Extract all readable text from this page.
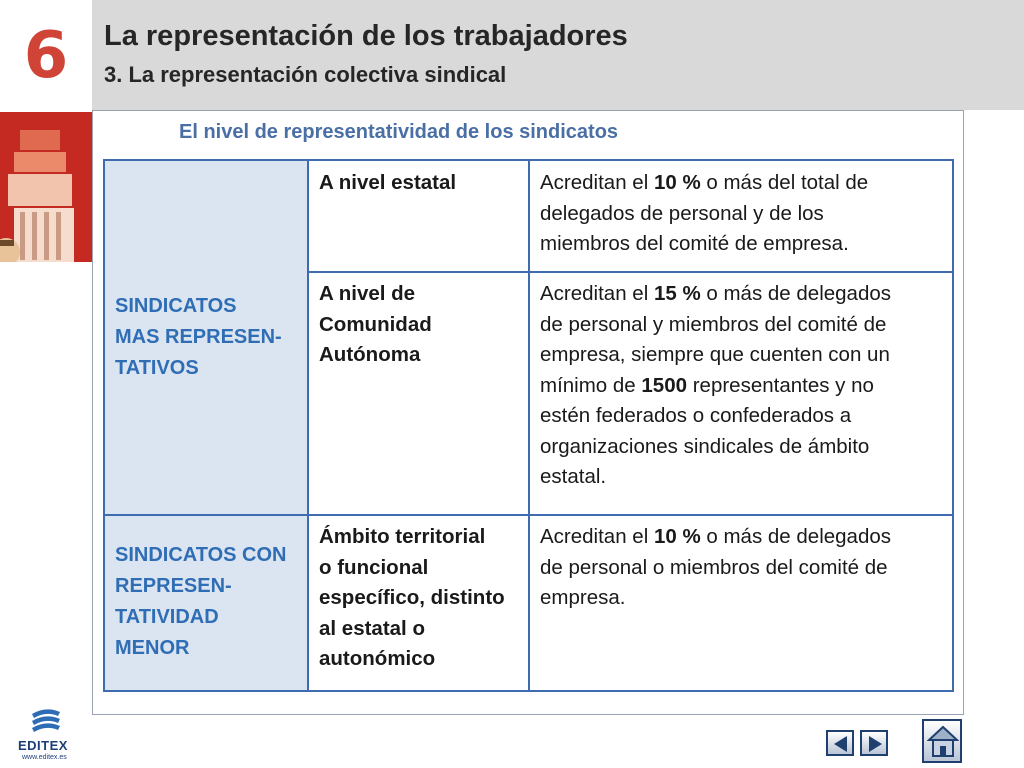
6	La representación de los trabajadores
3. La representación colectiva sindical
El nivel de representatividad de los sindicatos
SINDICATOS
MAS REPRESEN-
TATIVOS
A nivel estatal	Acreditan el 10 % o más del total de
delegados de personal y de los
miembros del comité de empresa.
A nivel de
Comunidad
Autónoma
Acreditan el 15 % o más de delegados
de personal y miembros del comité de
empresa, siempre que cuenten con un
mínimo de 1500 representantes y no
estén federados o confederados a
organizaciones sindicales de ámbito
estatal.
SINDICATOS CON
REPRESEN-
TATIVIDAD
MENOR
Ámbito territorial
o funcional
específico, distinto
al estatal o
autonómico
Acreditan el 10 % o más de delegados
de personal o miembros del comité de
empresa.
EDITEX
www.editex.es
